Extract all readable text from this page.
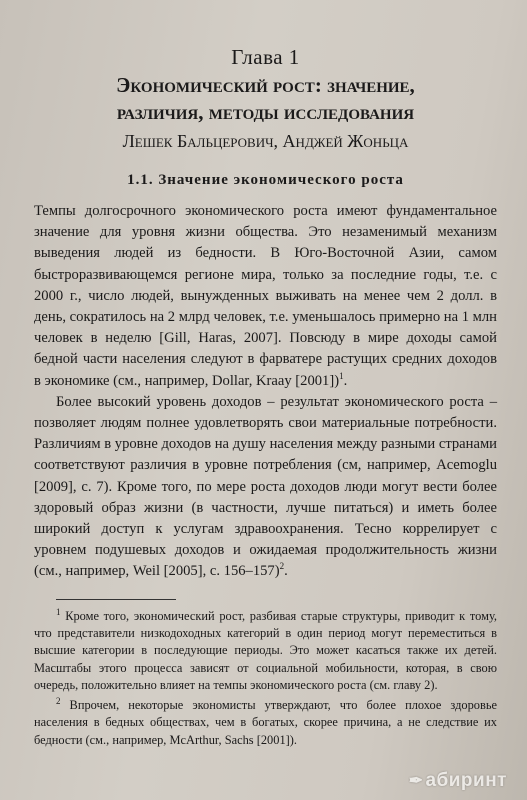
Глава 1
Экономический рост: значение,
различия, методы исследования
Лешек Бальцерович, Анджей Жоньца
1.1. Значение экономического роста

Темпы долгосрочного экономического роста имеют фундаментальное значение для уровня жизни общества. Это незаменимый механизм выведения людей из бедности. В Юго-Восточной Азии, самом быстроразвивающемся регионе мира, только за последние годы, т.е. с 2000 г., число людей, вынужденных выживать на менее чем 2 долл. в день, сократилось на 2 млрд человек, т.е. уменьшалось примерно на 1 млн человек в неделю [Gill, Haras, 2007]. Повсюду в мире доходы самой бедной части населения следуют в фарватере растущих средних доходов в экономике (см., например, Dollar, Kraay [2001])$^1$.

Более высокий уровень доходов – результат экономического роста – позволяет людям полнее удовлетворять свои материальные потребности. Различиям в уровне доходов на душу населения между разными странами соответствуют различия в уровне потребления (см, например, Acemoglu [2009], с. 7). Кроме того, по мере роста доходов люди могут вести более здоровый образ жизни (в частности, лучше питаться) и иметь более широкий доступ к услугам здравоохранения. Тесно коррелирует с уровнем подушевых доходов и ожидаемая продолжительность жизни (см., например, Weil [2005], с. 156–157)$^2$.

$^1$ Кроме того, экономический рост, разбивая старые структуры, приводит к тому, что представители низкодоходных категорий в один период могут переместиться в высшие категории в последующие периоды. Это может касаться также их детей. Масштабы этого процесса зависят от социальной мобильности, которая, в свою очередь, положительно влияет на темпы экономического роста (см. главу 2).

$^2$ Впрочем, некоторые экономисты утверждают, что более плохое здоровье населения в бедных обществах, чем в богатых, скорее причина, а не следствие их бедности (см., например, McArthur, Sachs [2001]).

✒ абиринт
